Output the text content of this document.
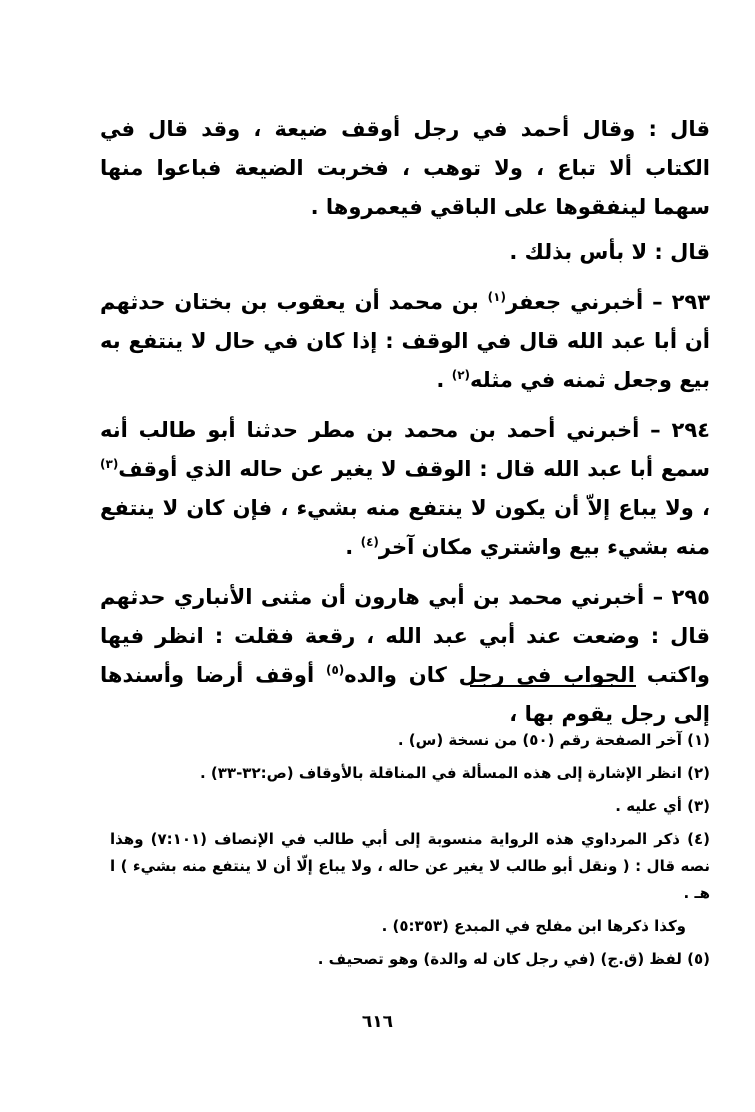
قال : وقال أحمد في رجل أوقف ضيعة ، وقد قال في الكتاب ألا تباع ، ولا توهب ، فخربت الضيعة فباعوا منها سهما لينفقوها على الباقي فيعمروها .

قال : لا بأس بذلك .

٢٩٣ – أخبرني جعفر$^{(١)}$ بن محمد أن يعقوب بن بختان حدثهم أن أبا عبد الله قال في الوقف : إذا كان في حال لا ينتفع به بيع وجعل ثمنه في مثله$^{(٢)}$ .

٢٩٤ – أخبرني أحمد بن محمد بن مطر حدثنا أبو طالب أنه سمع أبا عبد الله قال : الوقف لا يغير عن حاله الذي أوقف$^{(٣)}$ ، ولا يباع إلاّ أن يكون لا ينتفع منه بشيء ، فإن كان لا ينتفع منه بشيء بيع واشتري مكان آخر$^{(٤)}$ .

٢٩٥ – أخبرني محمد بن أبي هارون أن مثنى الأنباري حدثهم قال : وضعت عند أبي عبد الله ، رقعة فقلت : انظر فيها واكتب الجواب في رجل كان والده$^{(٥)}$ أوقف أرضا وأسندها إلى رجل يقوم بها ،

(١) آخر الصفحة رقم (٥٠) من نسخة (س) .

(٢) انظر الإشارة إلى هذه المسألة في المناقلة بالأوقاف (ص:٣٢-٣٣) .

(٣) أي عليه .

(٤) ذكر المرداوي هذه الرواية منسوبة إلى أبي طالب في الإنصاف (٧:١٠١) وهذا نصه قال : ( ونقل أبو طالب لا يغير عن حاله ، ولا يباع إلّا أن لا ينتفع منه بشيء ) ا هـ .

وكذا ذكرها ابن مفلح في المبدع (٥:٣٥٣) .

(٥) لفظ (ق.ج) (في رجل كان له والدة) وهو تصحيف .

٦١٦
